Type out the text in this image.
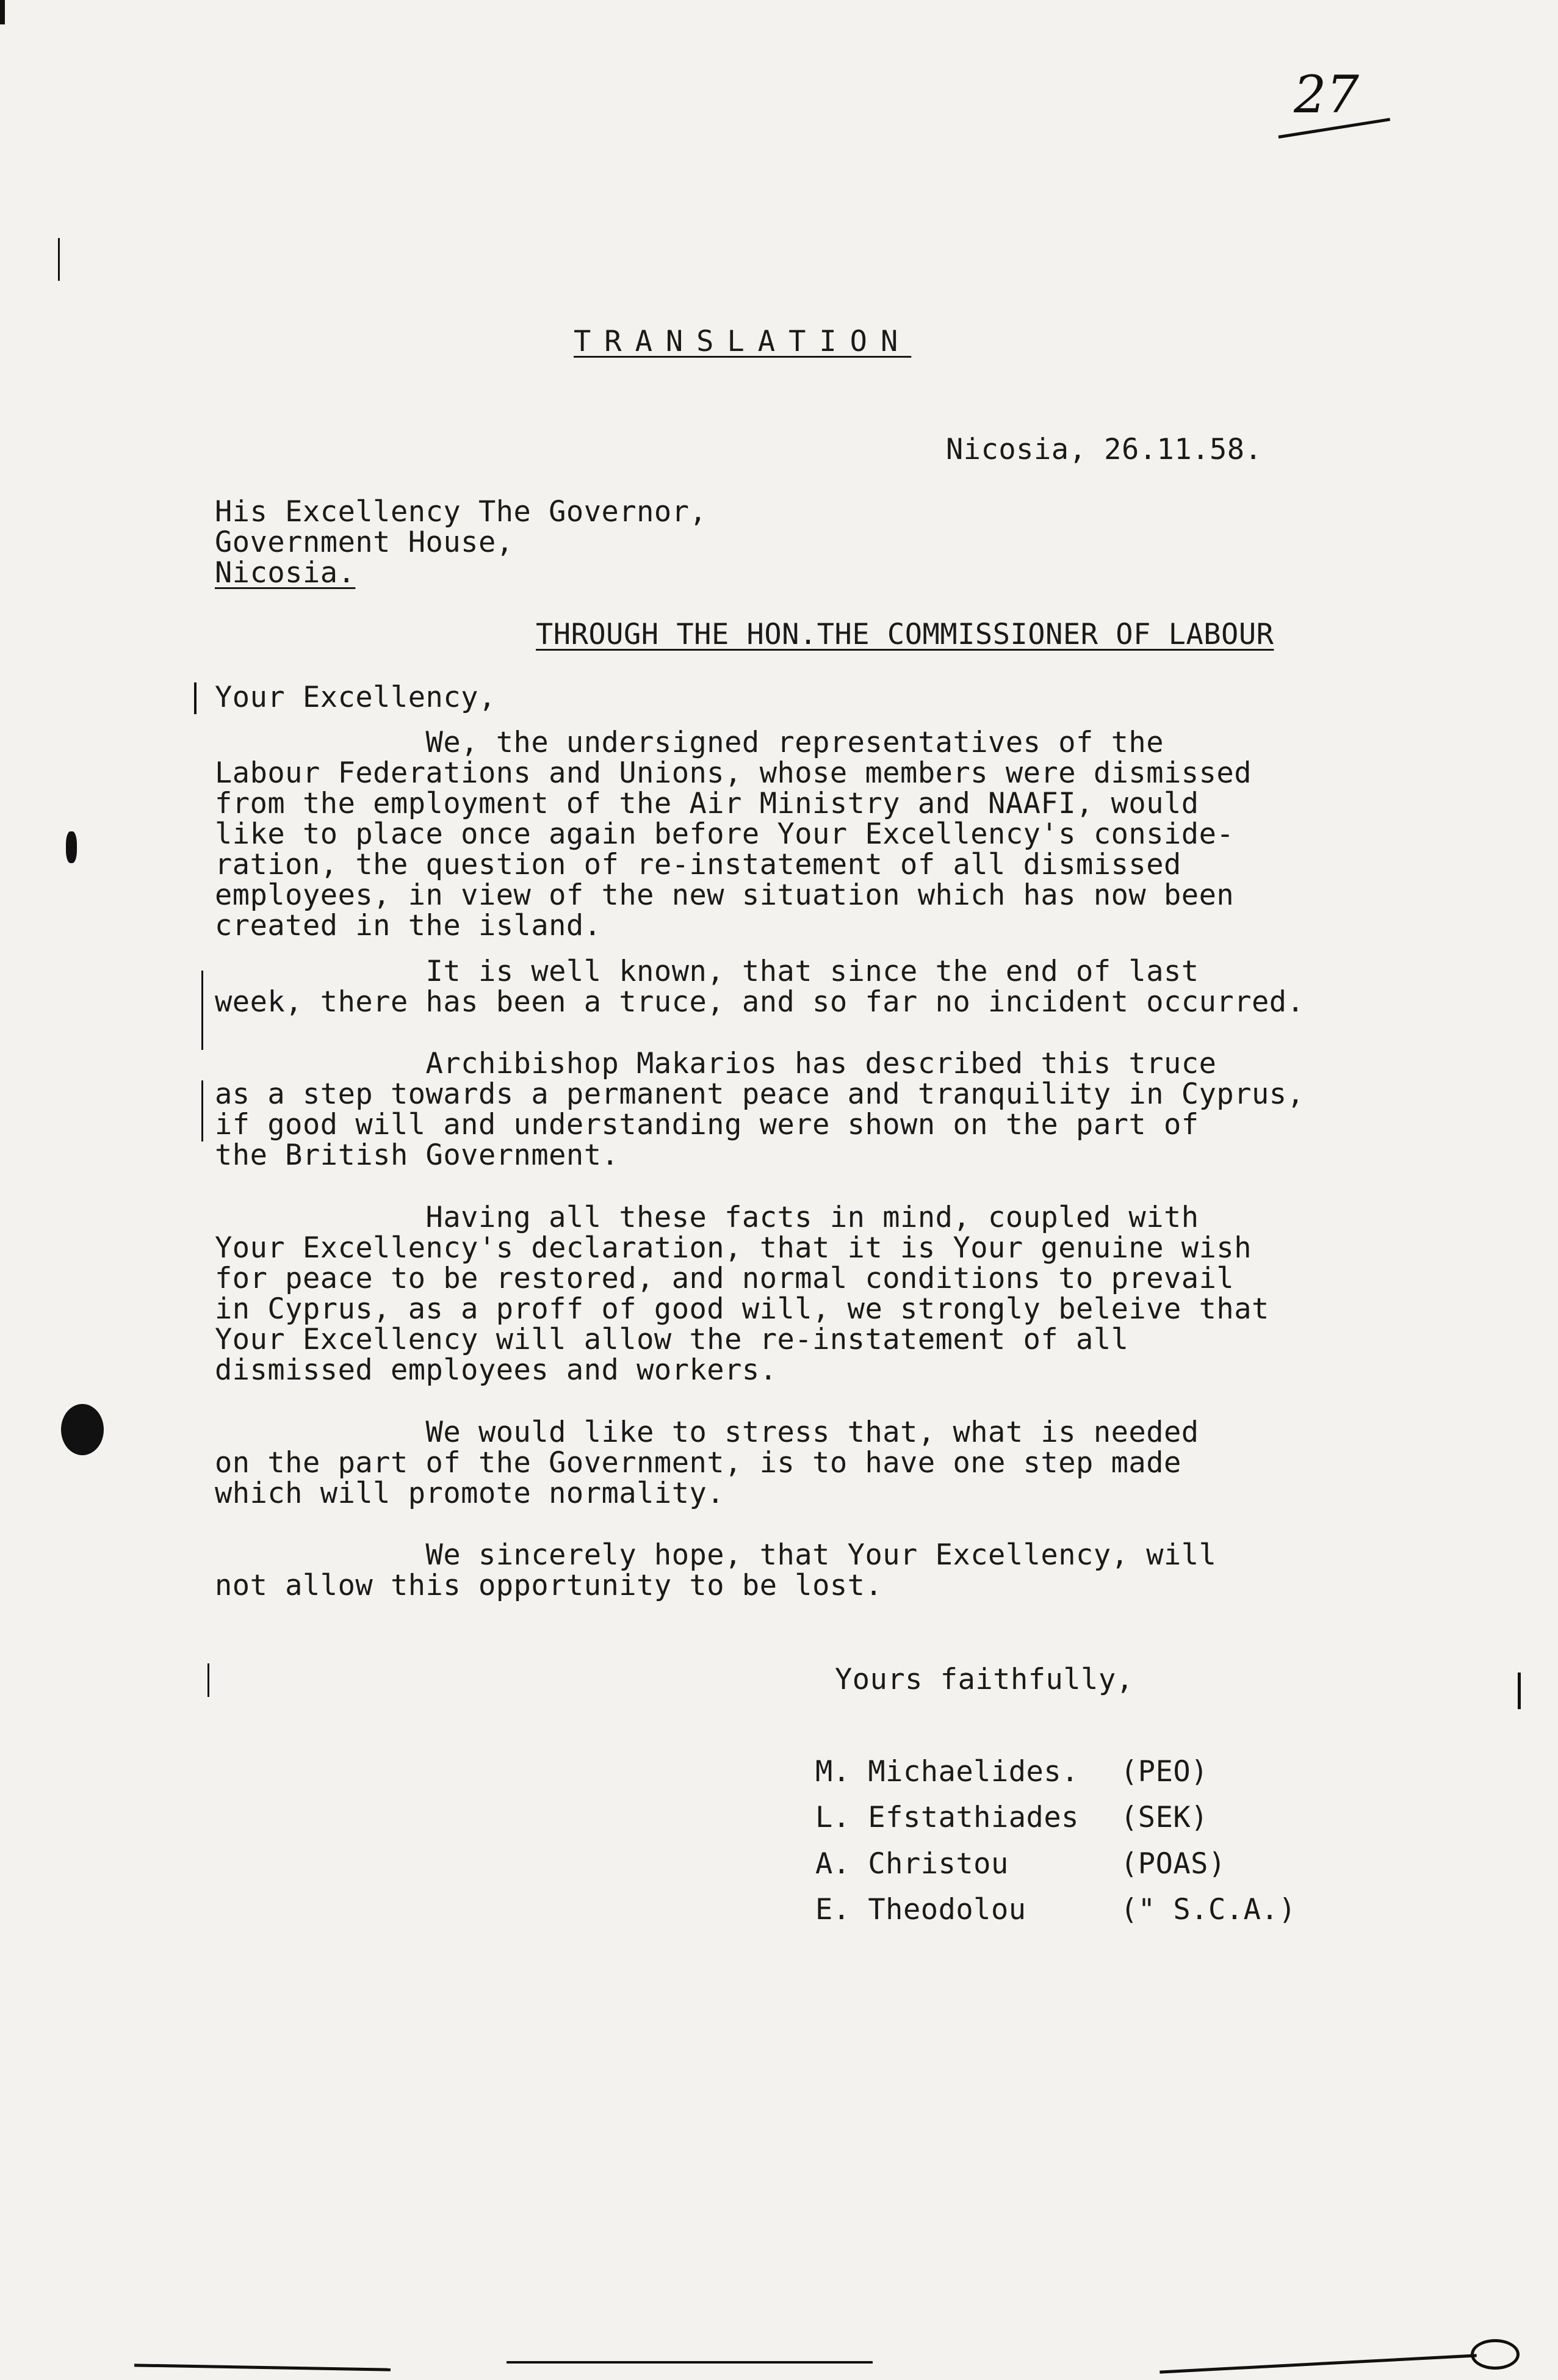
27
TRANSLATION
Nicosia, 26.11.58.
His Excellency The Governor,
Government House,
Nicosia.
THROUGH THE HON.THE COMMISSIONER OF LABOUR
Your Excellency,
We, the undersigned representatives of the
Labour Federations and Unions, whose members were dismissed
from the employment of the Air Ministry and NAAFI, would
like to place once again before Your Excellency's conside-
ration, the question of re-instatement of all dismissed
employees, in view of the new situation which has now been
created in the island.
It is well known, that since the end of last
week, there has been a truce, and so far no incident occurred.
Archibishop Makarios has described this truce
as a step towards a permanent peace and tranquility in Cyprus,
if good will and understanding were shown on the part of
the British Government.
Having all these facts in mind, coupled with
Your Excellency's declaration, that it is Your genuine wish
for peace to be restored, and normal conditions to prevail
in Cyprus, as a proff of good will, we strongly beleive that
Your Excellency will allow the re-instatement of all
dismissed employees and workers.
We would like to stress that, what is needed
on the part of the Government, is to have one step made
which will promote normality.
We sincerely hope, that Your Excellency, will
not allow this opportunity to be lost.
Yours faithfully,
M. Michaelides. (PEO)
L. Efstathiades (SEK)
A. Christou	(POAS)
E. Theodolou	(" S.C.A.)
